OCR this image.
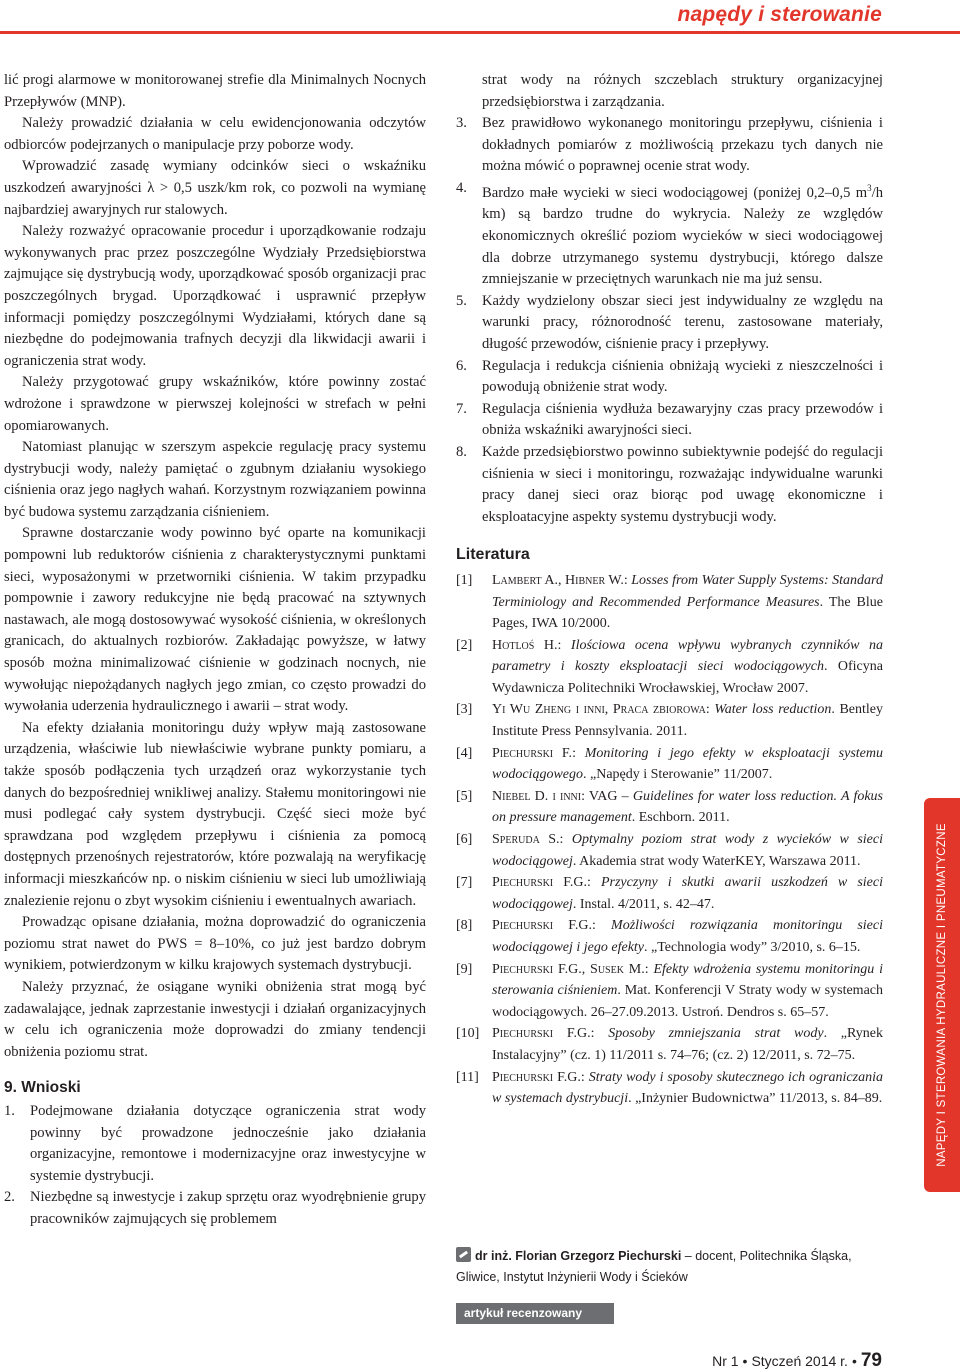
napędy i sterowanie

lić progi alarmowe w monitorowanej strefie dla Minimalnych Nocnych Przepływów (MNP).

Należy prowadzić działania w celu ewidencjonowania odczytów odbiorców podejrzanych o manipulacje przy poborze wody.

Wprowadzić zasadę wymiany odcinków sieci o wskaźniku uszkodzeń awaryjności λ > 0,5 uszk/km rok, co pozwoli na wymianę najbardziej awaryjnych rur stalowych.

Należy rozważyć opracowanie procedur i uporządkowanie rodzaju wykonywanych prac przez poszczególne Wydziały Przedsiębiorstwa zajmujące się dystrybucją wody, uporządkować sposób organizacji prac poszczególnych brygad. Uporządkować i usprawnić przepływ informacji pomiędzy poszczególnymi Wydziałami, których dane są niezbędne do podejmowania trafnych decyzji dla likwidacji awarii i ograniczenia strat wody.

Należy przygotować grupy wskaźników, które powinny zostać wdrożone i sprawdzone w pierwszej kolejności w strefach w pełni opomiarowanych.

Natomiast planując w szerszym aspekcie regulację pracy systemu dystrybucji wody, należy pamiętać o zgubnym działaniu wysokiego ciśnienia oraz jego nagłych wahań. Korzystnym rozwiązaniem powinna być budowa systemu zarządzania ciśnieniem.

Sprawne dostarczanie wody powinno być oparte na komunikacji pompowni lub reduktorów ciśnienia z charakterystycznymi punktami sieci, wyposażonymi w przetworniki ciśnienia. W takim przypadku pompownie i zawory redukcyjne nie będą pracować na sztywnych nastawach, ale mogą dostosowywać wysokość ciśnienia, w określonych granicach, do aktualnych rozbiorów. Zakładając powyższe, w łatwy sposób można minimalizować ciśnienie w godzinach nocnych, nie wywołując niepożądanych nagłych jego zmian, co często prowadzi do wywołania uderzenia hydraulicznego i awarii – strat wody.

Na efekty działania monitoringu duży wpływ mają zastosowane urządzenia, właściwie lub niewłaściwie wybrane punkty pomiaru, a także sposób podłączenia tych urządzeń oraz wykorzystanie tych danych do bezpośredniej wnikliwej analizy. Stałemu monitoringowi nie musi podlegać cały system dystrybucji. Część sieci może być sprawdzana pod względem przepływu i ciśnienia za pomocą dostępnych przenośnych rejestratorów, które pozwalają na weryfikację informacji mieszkańców np. o niskim ciśnieniu w sieci lub umożliwiają znalezienie rejonu o zbyt wysokim ciśnieniu i ewentualnych awariach.

Prowadząc opisane działania, można doprowadzić do ograniczenia poziomu strat nawet do PWS = 8–10%, co już jest bardzo dobrym wynikiem, potwierdzonym w kilku krajowych systemach dystrybucji.

Należy przyznać, że osiągane wyniki obniżenia strat mogą być zadawalające, jednak zaprzestanie inwestycji i działań organizacyjnych w celu ich ograniczenia może doprowadzi do zmiany tendencji obniżenia poziomu strat.

9. Wnioski
1. Podejmowane działania dotyczące ograniczenia strat wody powinny być prowadzone jednocześnie jako działania organizacyjne, remontowe i modernizacyjne oraz inwestycyjne w systemie dystrybucji.
2. Niezbędne są inwestycje i zakup sprzętu oraz wyodrębnienie grupy pracowników zajmujących się problemem
strat wody na różnych szczeblach struktury organizacyjnej przedsiębiorstwa i zarządzania.
3. Bez prawidłowo wykonanego monitoringu przepływu, ciśnienia i dokładnych pomiarów z możliwością przekazu tych danych nie można mówić o poprawnej ocenie strat wody.
4. Bardzo małe wycieki w sieci wodociągowej (poniżej 0,2–0,5 $m^3/h$ km) są bardzo trudne do wykrycia. Należy ze względów ekonomicznych określić poziom wycieków w sieci wodociągowej dla dobrze utrzymanego systemu dystrybucji, którego dalsze zmniejszanie w przeciętnych warunkach nie ma już sensu.
5. Każdy wydzielony obszar sieci jest indywidualny ze względu na warunki pracy, różnorodność terenu, zastosowane materiały, długość przewodów, ciśnienie pracy i przepływy.
6. Regulacja i redukcja ciśnienia obniżają wycieki z nieszczelności i powodują obniżenie strat wody.
7. Regulacja ciśnienia wydłuża bezawaryjny czas pracy przewodów i obniża wskaźniki awaryjności sieci.
8. Każde przedsiębiorstwo powinno subiektywnie podejść do regulacji ciśnienia w sieci i monitoringu, rozważając indywidualne warunki pracy danej sieci oraz biorąc pod uwagę ekonomiczne i eksploatacyjne aspekty systemu dystrybucji wody.
Literatura
[1] Lambert A., Hibner W.: Losses from Water Supply Systems: Standard Terminiology and Recommended Performance Measures. The Blue Pages, IWA 10/2000.
[2] Hotloś H.: Ilościowa ocena wpływu wybranych czynników na parametry i koszty eksploatacji sieci wodociągowych. Oficyna Wydawnicza Politechniki Wrocławskiej, Wrocław 2007.
[3] Yi Wu Zheng i inni, Praca zbiorowa: Water loss reduction. Bentley Institute Press Pennsylvania. 2011.
[4] Piechurski F.: Monitoring i jego efekty w eksploatacji systemu wodociągowego. „Napędy i Sterowanie” 11/2007.
[5] Niebel D. i inni: VAG – Guidelines for water loss reduction. A fokus on pressure management. Eschborn. 2011.
[6] Speruda S.: Optymalny poziom strat wody z wycieków w sieci wodociągowej. Akademia strat wody WaterKEY, Warszawa 2011.
[7] Piechurski F.G.: Przyczyny i skutki awarii uszkodzeń w sieci wodociągowej. Instal. 4/2011, s. 42–47.
[8] Piechurski F.G.: Możliwości rozwiązania monitoringu sieci wodociągowej i jego efekty. „Technologia wody” 3/2010, s. 6–15.
[9] Piechurski F.G., Susek M.: Efekty wdrożenia systemu monitoringu i sterowania ciśnieniem. Mat. Konferencji V Straty wody w systemach wodociągowych. 26–27.09.2013. Ustroń. Dendros s. 65–57.
[10] Piechurski F.G.: Sposoby zmniejszania strat wody. „Rynek Instalacyjny” (cz. 1) 11/2011 s. 74–76; (cz. 2) 12/2011, s. 72–75.
[11] Piechurski F.G.: Straty wody i sposoby skutecznego ich ograniczania w systemach dystrybucji. „Inżynier Budownictwa” 11/2013, s. 84–89.
dr inż. Florian Grzegorz Piechurski – docent, Politechnika Śląska, Gliwice, Instytut Inżynierii Wody i Ścieków
artykuł recenzowany
NAPĘDY I STEROWANIA HYDRAULICZNE I PNEUMATYCZNE
Nr 1 • Styczeń 2014 r. • 79
